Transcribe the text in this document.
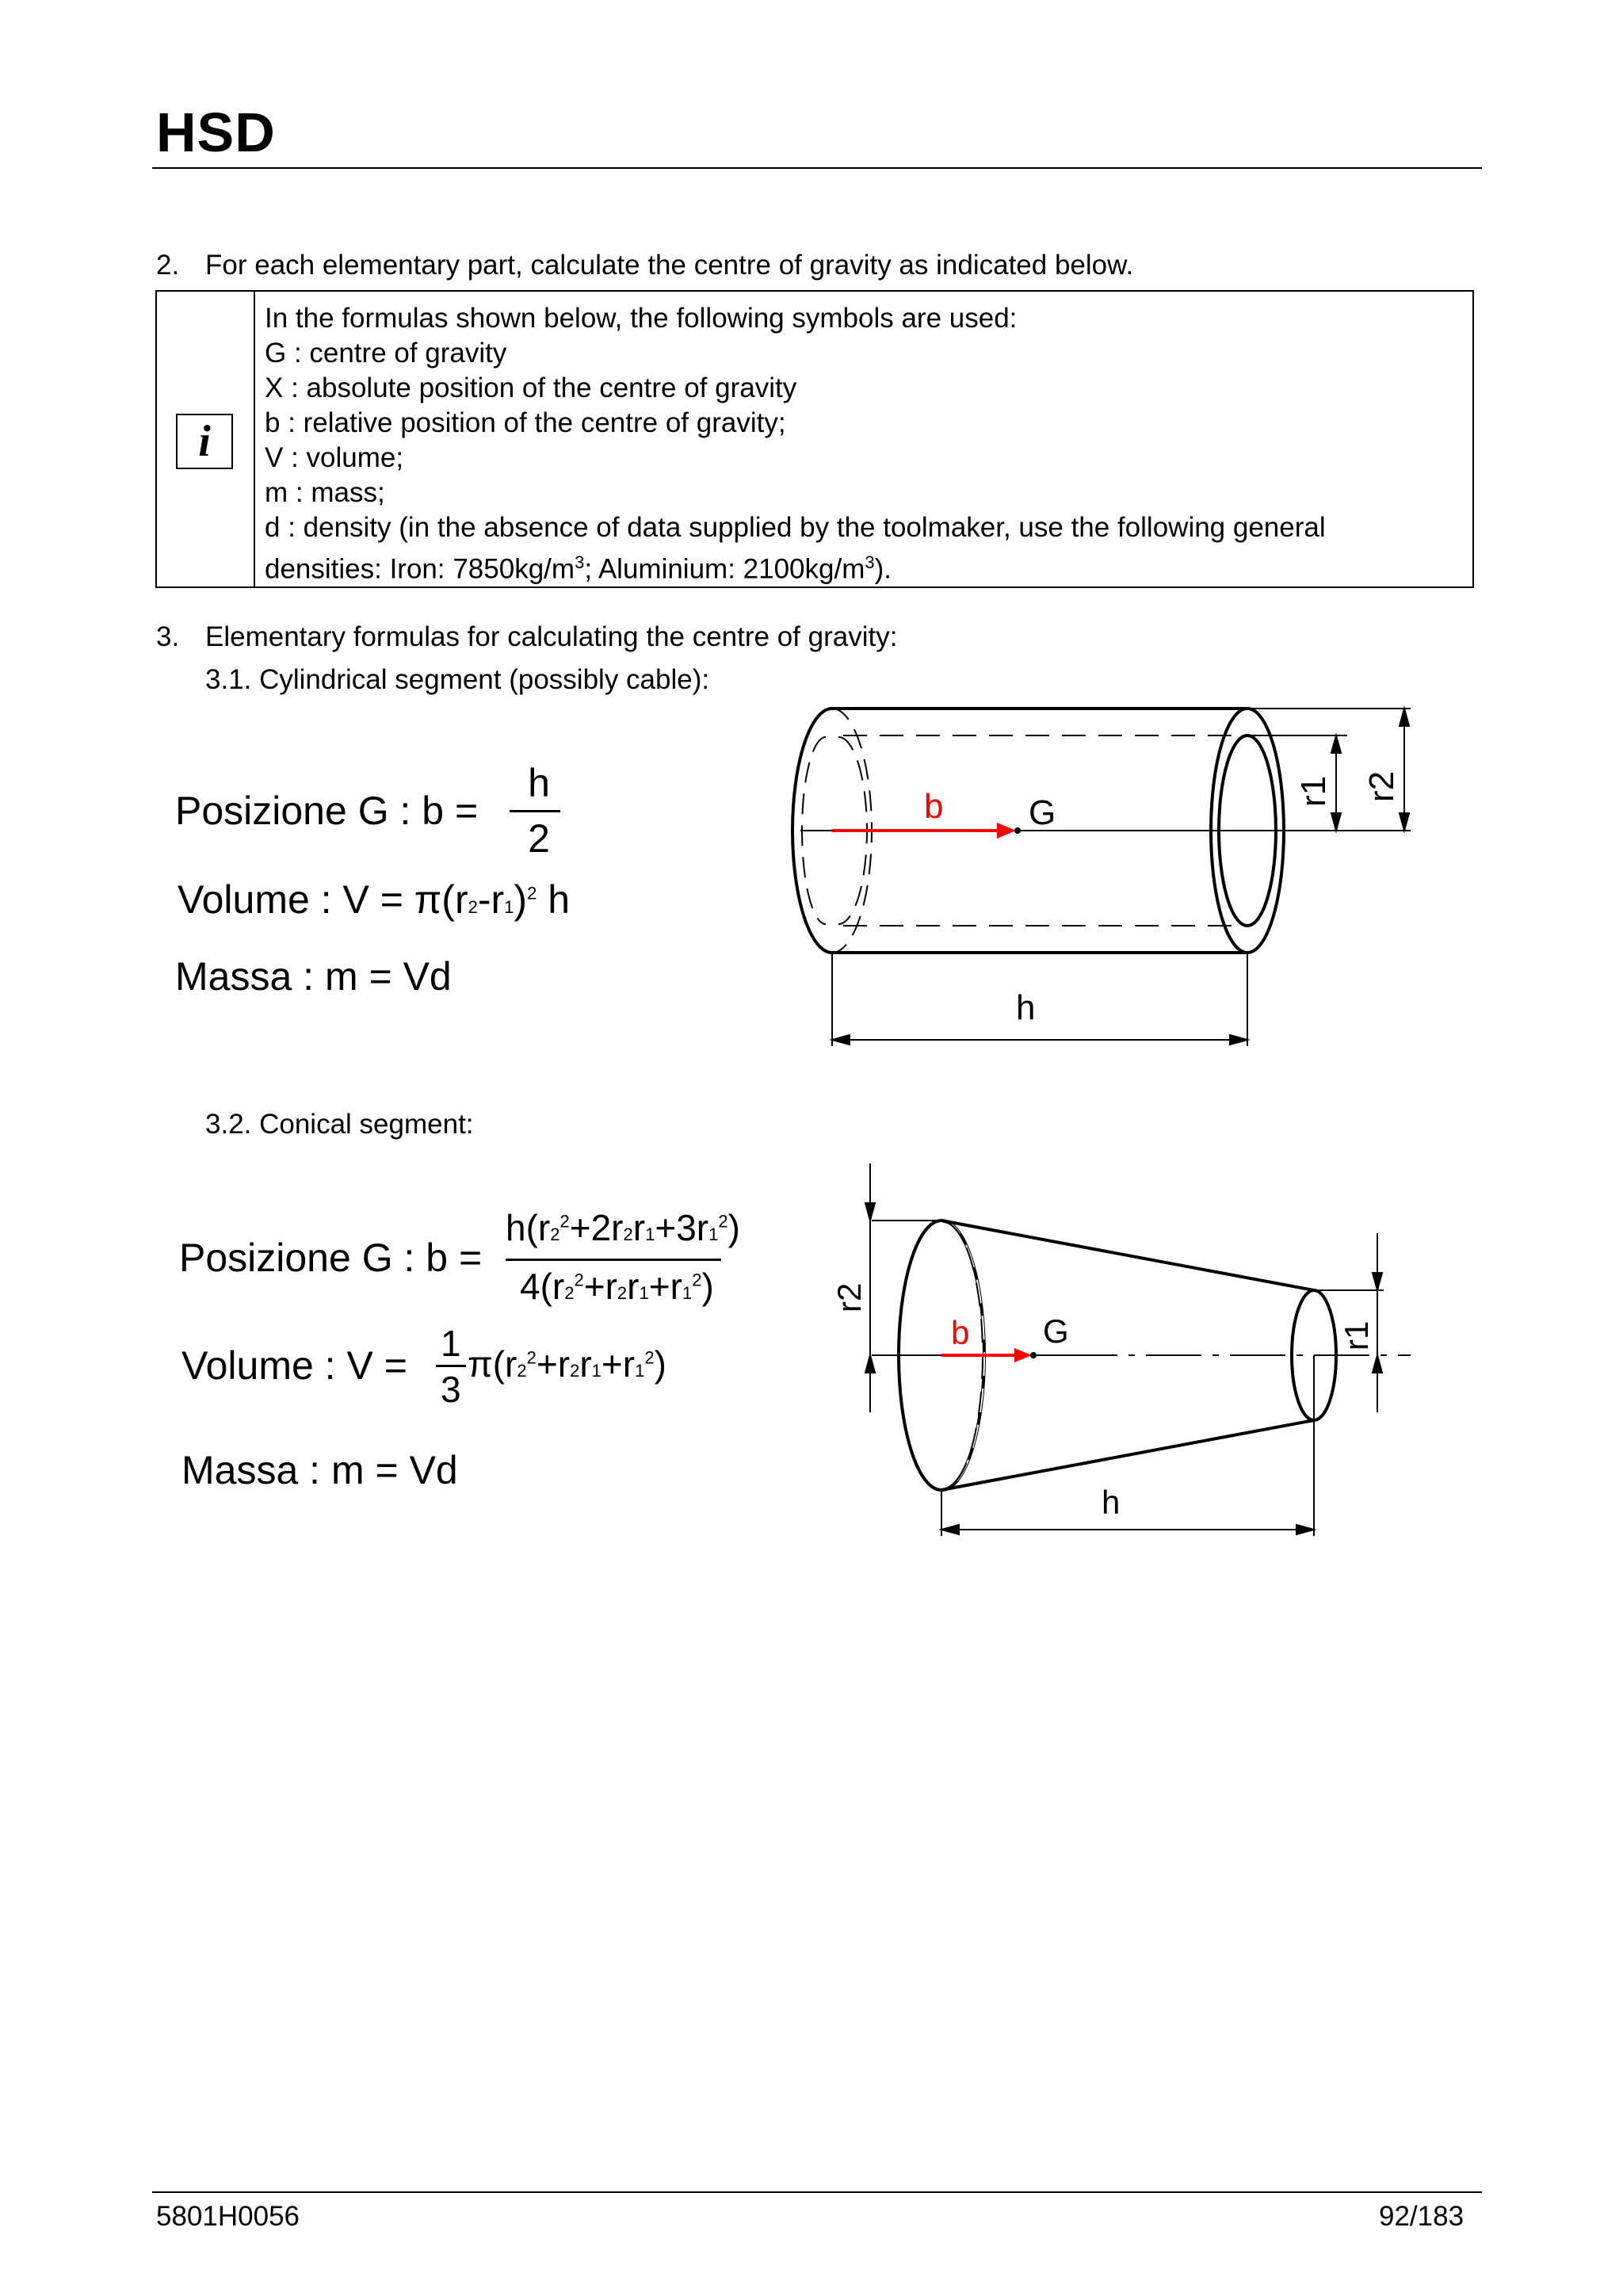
HSD
2. For each elementary part, calculate the centre of gravity as indicated below.
i
In the formulas shown below, the following symbols are used:
G : centre of gravity
X : absolute position of the centre of gravity
b : relative position of the centre of gravity;
V : volume;
m : mass;
d : density (in the absence of data supplied by the toolmaker, use the following general
densities: Iron: $7850kg/m^3$; Aluminium: $2100kg/m^3$).
3. Elementary formulas for calculating the centre of gravity:
3.1. Cylindrical segment (possibly cable):
Posizione G : b =
h
2
Volume : $V = \pi(r2-r1)^2$ h
Massa : m = Vd
b G
h
r1 r2
3.2. Conical segment:
Posizione G : b =
$h(r2^2+2r2r1+3r1^2)$
$4(r2^2+r2r1+r1^2)$
Volume : V = 1
3
$\pi(r2^2+r2r1+r1^2)$
Massa : m = Vd
b G
h
r2
r1
5801H0056	92/183
